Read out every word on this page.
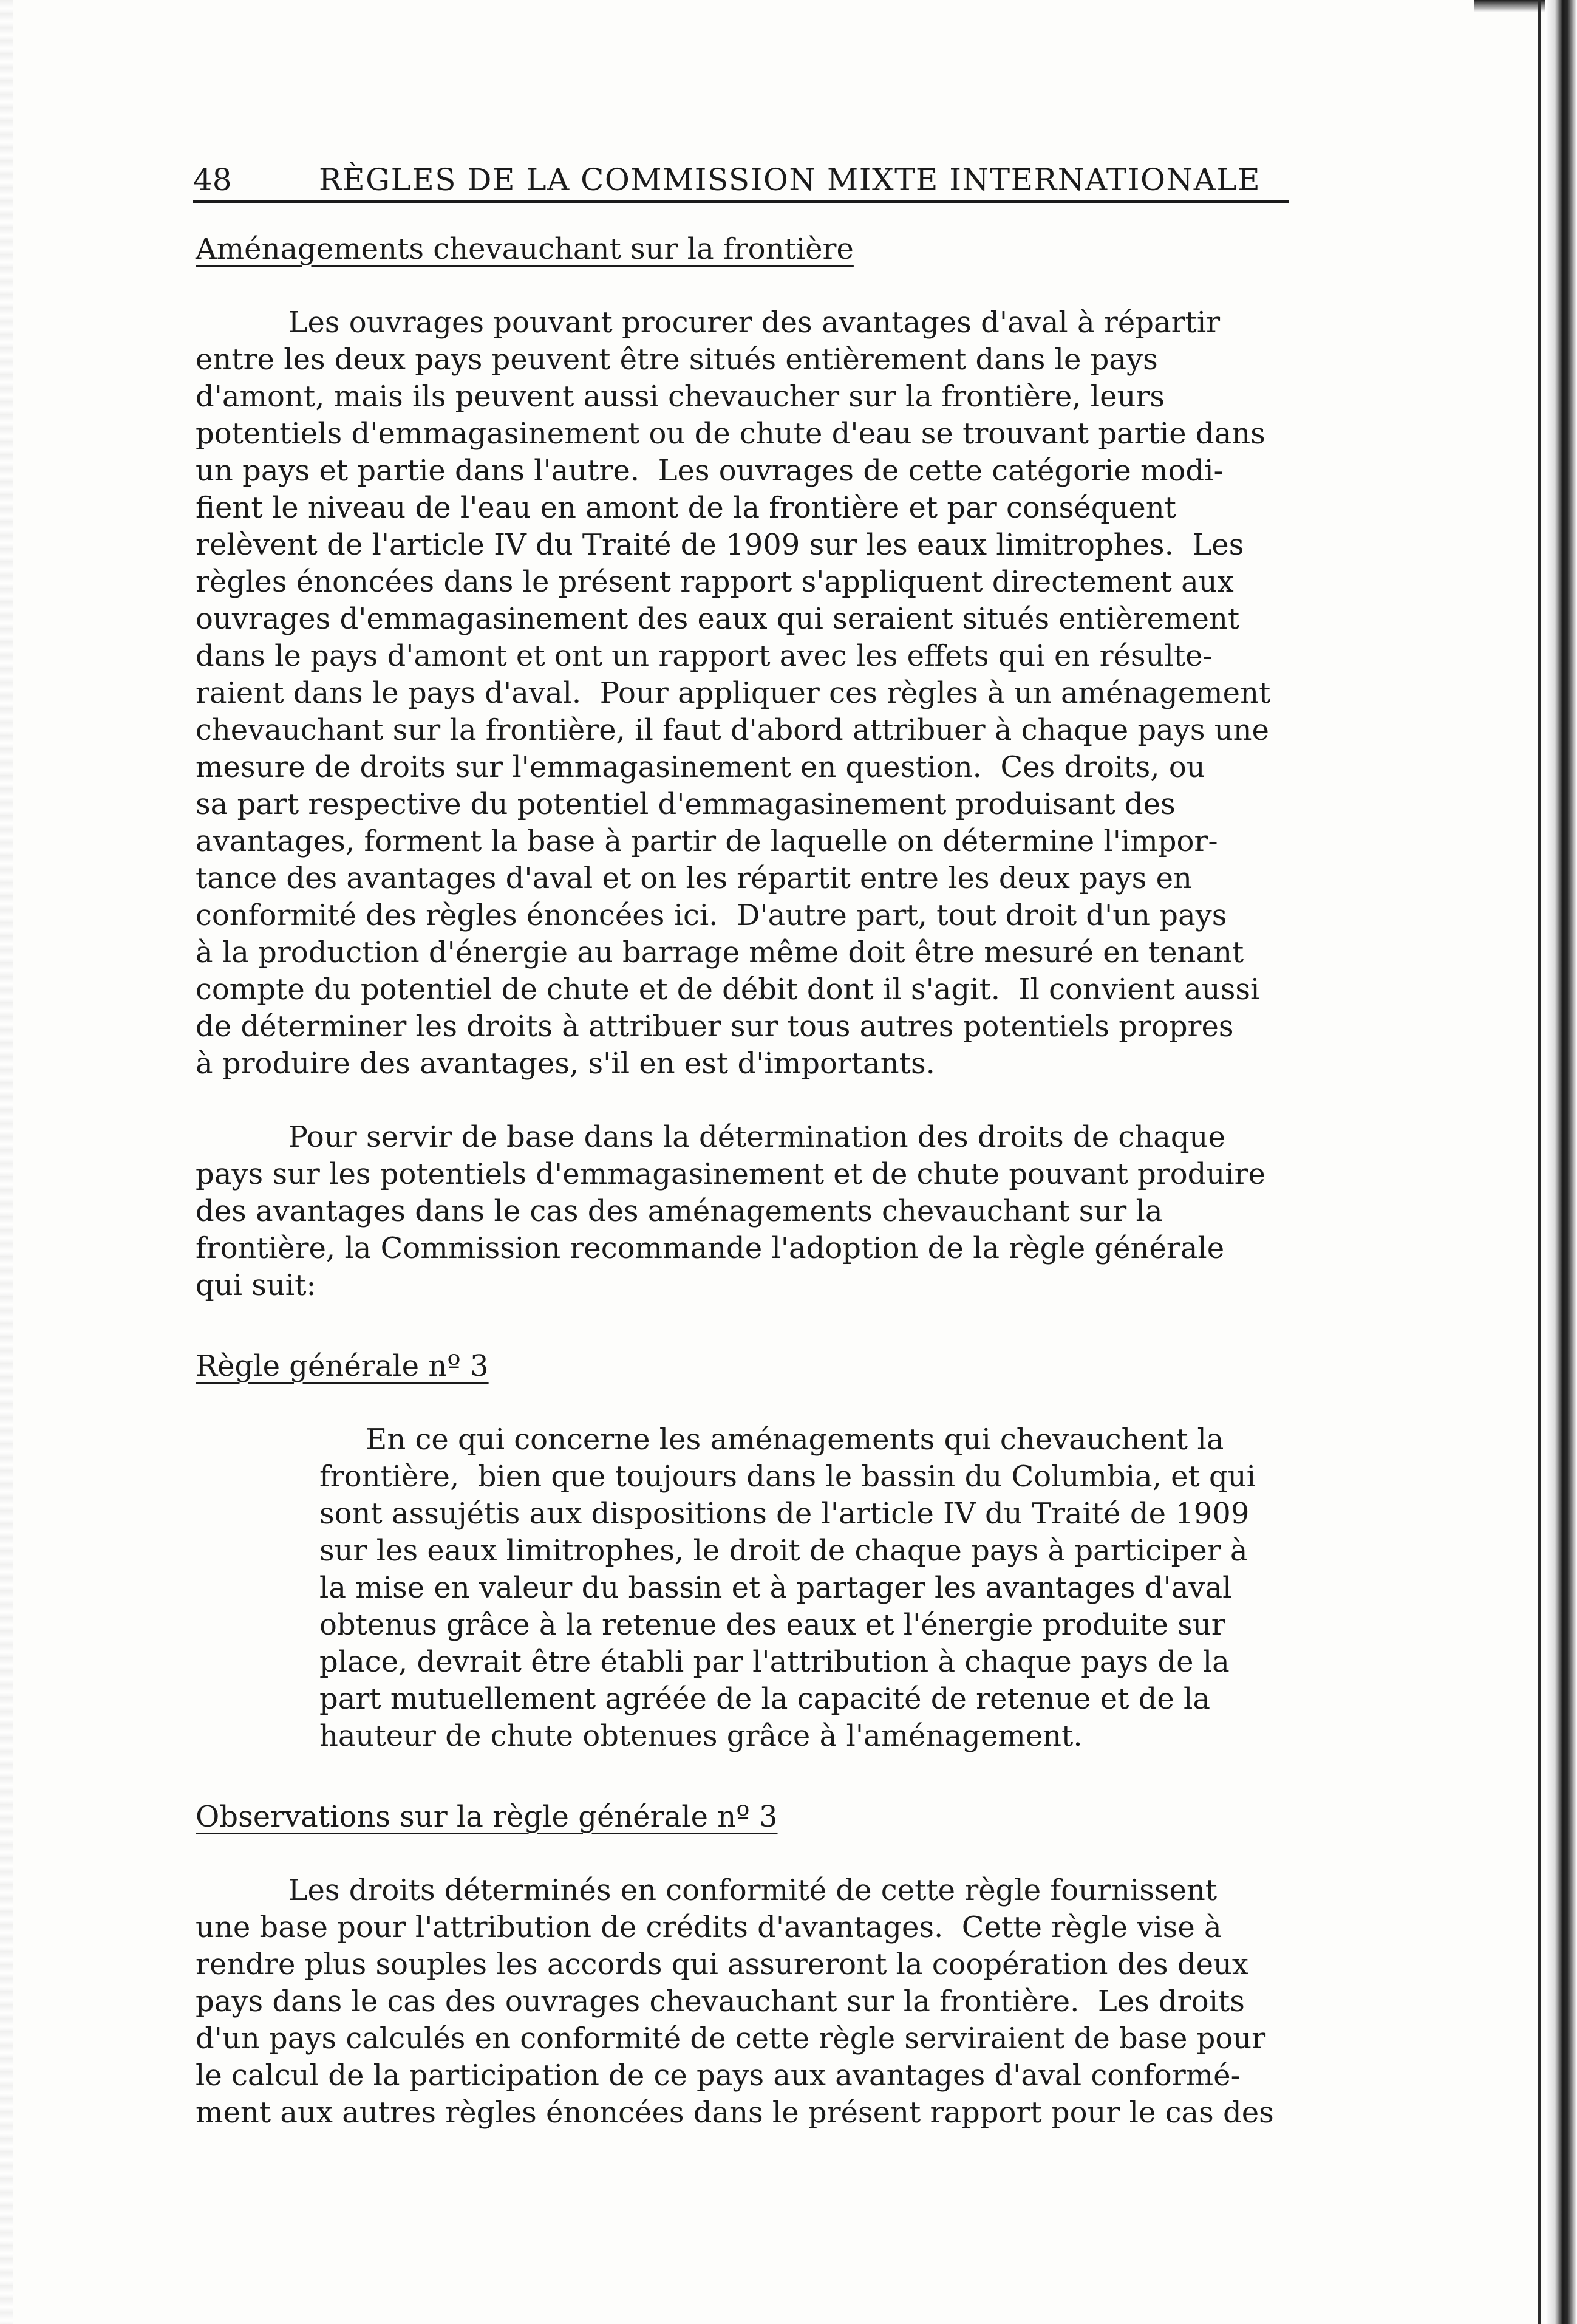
48	RÈGLES DE LA COMMISSION MIXTE INTERNATIONALE
Aménagements chevauchant sur la frontière
Les ouvrages pouvant procurer des avantages d'aval à répartir
entre les deux pays peuvent être situés entièrement dans le pays
d'amont, mais ils peuvent aussi chevaucher sur la frontière, leurs
potentiels d'emmagasinement ou de chute d'eau se trouvant partie dans
un pays et partie dans l'autre.  Les ouvrages de cette catégorie modi-
fient le niveau de l'eau en amont de la frontière et par conséquent
relèvent de l'article IV du Traité de 1909 sur les eaux limitrophes.  Les
règles énoncées dans le présent rapport s'appliquent directement aux
ouvrages d'emmagasinement des eaux qui seraient situés entièrement
dans le pays d'amont et ont un rapport avec les effets qui en résulte-
raient dans le pays d'aval.  Pour appliquer ces règles à un aménagement
chevauchant sur la frontière, il faut d'abord attribuer à chaque pays une
mesure de droits sur l'emmagasinement en question.  Ces droits, ou
sa part respective du potentiel d'emmagasinement produisant des
avantages, forment la base à partir de laquelle on détermine l'impor-
tance des avantages d'aval et on les répartit entre les deux pays en
conformité des règles énoncées ici.  D'autre part, tout droit d'un pays
à la production d'énergie au barrage même doit être mesuré en tenant
compte du potentiel de chute et de débit dont il s'agit.  Il convient aussi
de déterminer les droits à attribuer sur tous autres potentiels propres
à produire des avantages, s'il en est d'importants.
Pour servir de base dans la détermination des droits de chaque
pays sur les potentiels d'emmagasinement et de chute pouvant produire
des avantages dans le cas des aménagements chevauchant sur la
frontière, la Commission recommande l'adoption de la règle générale
qui suit:
Règle générale nº 3
En ce qui concerne les aménagements qui chevauchent la
frontière,  bien que toujours dans le bassin du Columbia, et qui
sont assujétis aux dispositions de l'article IV du Traité de 1909
sur les eaux limitrophes, le droit de chaque pays à participer à
la mise en valeur du bassin et à partager les avantages d'aval
obtenus grâce à la retenue des eaux et l'énergie produite sur
place, devrait être établi par l'attribution à chaque pays de la
part mutuellement agréée de la capacité de retenue et de la
hauteur de chute obtenues grâce à l'aménagement.
Observations sur la règle générale nº 3
Les droits déterminés en conformité de cette règle fournissent
une base pour l'attribution de crédits d'avantages.  Cette règle vise à
rendre plus souples les accords qui assureront la coopération des deux
pays dans le cas des ouvrages chevauchant sur la frontière.  Les droits
d'un pays calculés en conformité de cette règle serviraient de base pour
le calcul de la participation de ce pays aux avantages d'aval conformé-
ment aux autres règles énoncées dans le présent rapport pour le cas des
